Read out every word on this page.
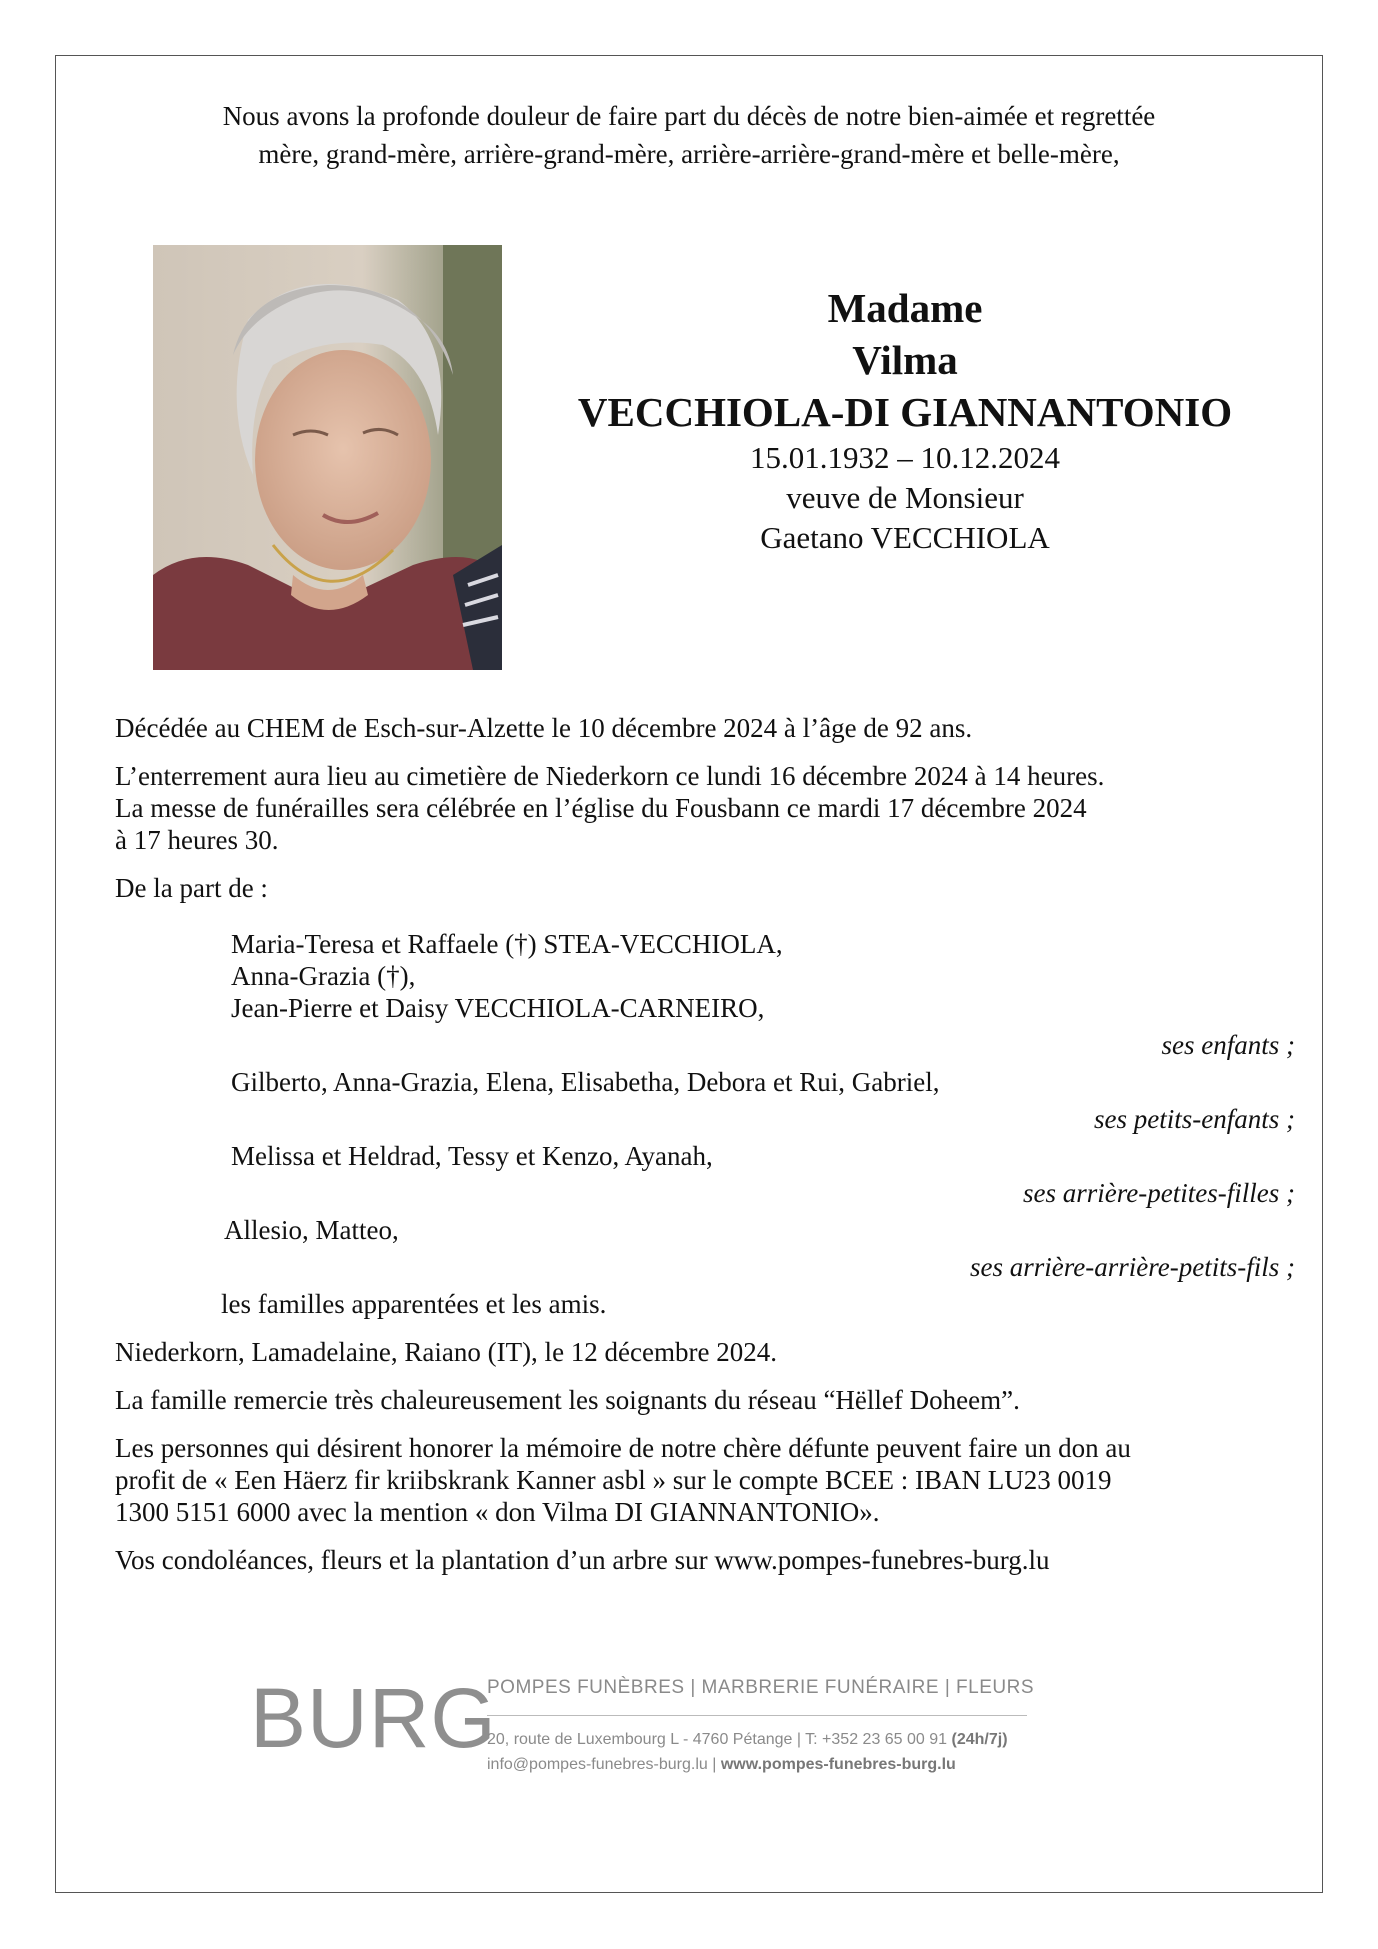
Nous avons la profonde douleur de faire part du décès de notre bien-aimée et regrettée
mère, grand-mère, arrière-grand-mère, arrière-arrière-grand-mère et belle-mère,
Madame
Vilma
VECCHIOLA-DI GIANNANTONIO
15.01.1932 – 10.12.2024
veuve de Monsieur
Gaetano VECCHIOLA

Décédée au CHEM de Esch-sur-Alzette le 10 décembre 2024 à l’âge de 92 ans.

L’enterrement aura lieu au cimetière de Niederkorn ce lundi 16 décembre 2024 à 14 heures.
La messe de funérailles sera célébrée en l’église du Fousbann ce mardi 17 décembre 2024
à 17 heures 30.

De la part de :

Maria-Teresa et Raffaele (†) STEA-VECCHIOLA,
Anna-Grazia (†),
Jean-Pierre et Daisy VECCHIOLA-CARNEIRO,
ses enfants ;
Gilberto, Anna-Grazia, Elena, Elisabetha, Debora et Rui, Gabriel,
ses petits-enfants ;
Melissa et Heldrad, Tessy et Kenzo, Ayanah,
ses arrière-petites-filles ;
Allesio, Matteo,
ses arrière-arrière-petits-fils ;
les familles apparentées et les amis.

Niederkorn, Lamadelaine, Raiano (IT), le 12 décembre 2024.

La famille remercie très chaleureusement les soignants du réseau “Hëllef Doheem”.

Les personnes qui désirent honorer la mémoire de notre chère défunte peuvent faire un don au
profit de « Een Häerz fir kriibskrank Kanner asbl » sur le compte BCEE : IBAN LU23 0019
1300 5151 6000 avec la mention « don Vilma DI GIANNANTONIO».

Vos condoléances, fleurs et la plantation d’un arbre sur www.pompes-funebres-burg.lu

BURG
POMPES FUNÈBRES | MARBRERIE FUNÉRAIRE | FLEURS
20, route de Luxembourg L - 4760 Pétange | T: +352 23 65 00 91 (24h/7j)
info@pompes-funebres-burg.lu | www.pompes-funebres-burg.lu
